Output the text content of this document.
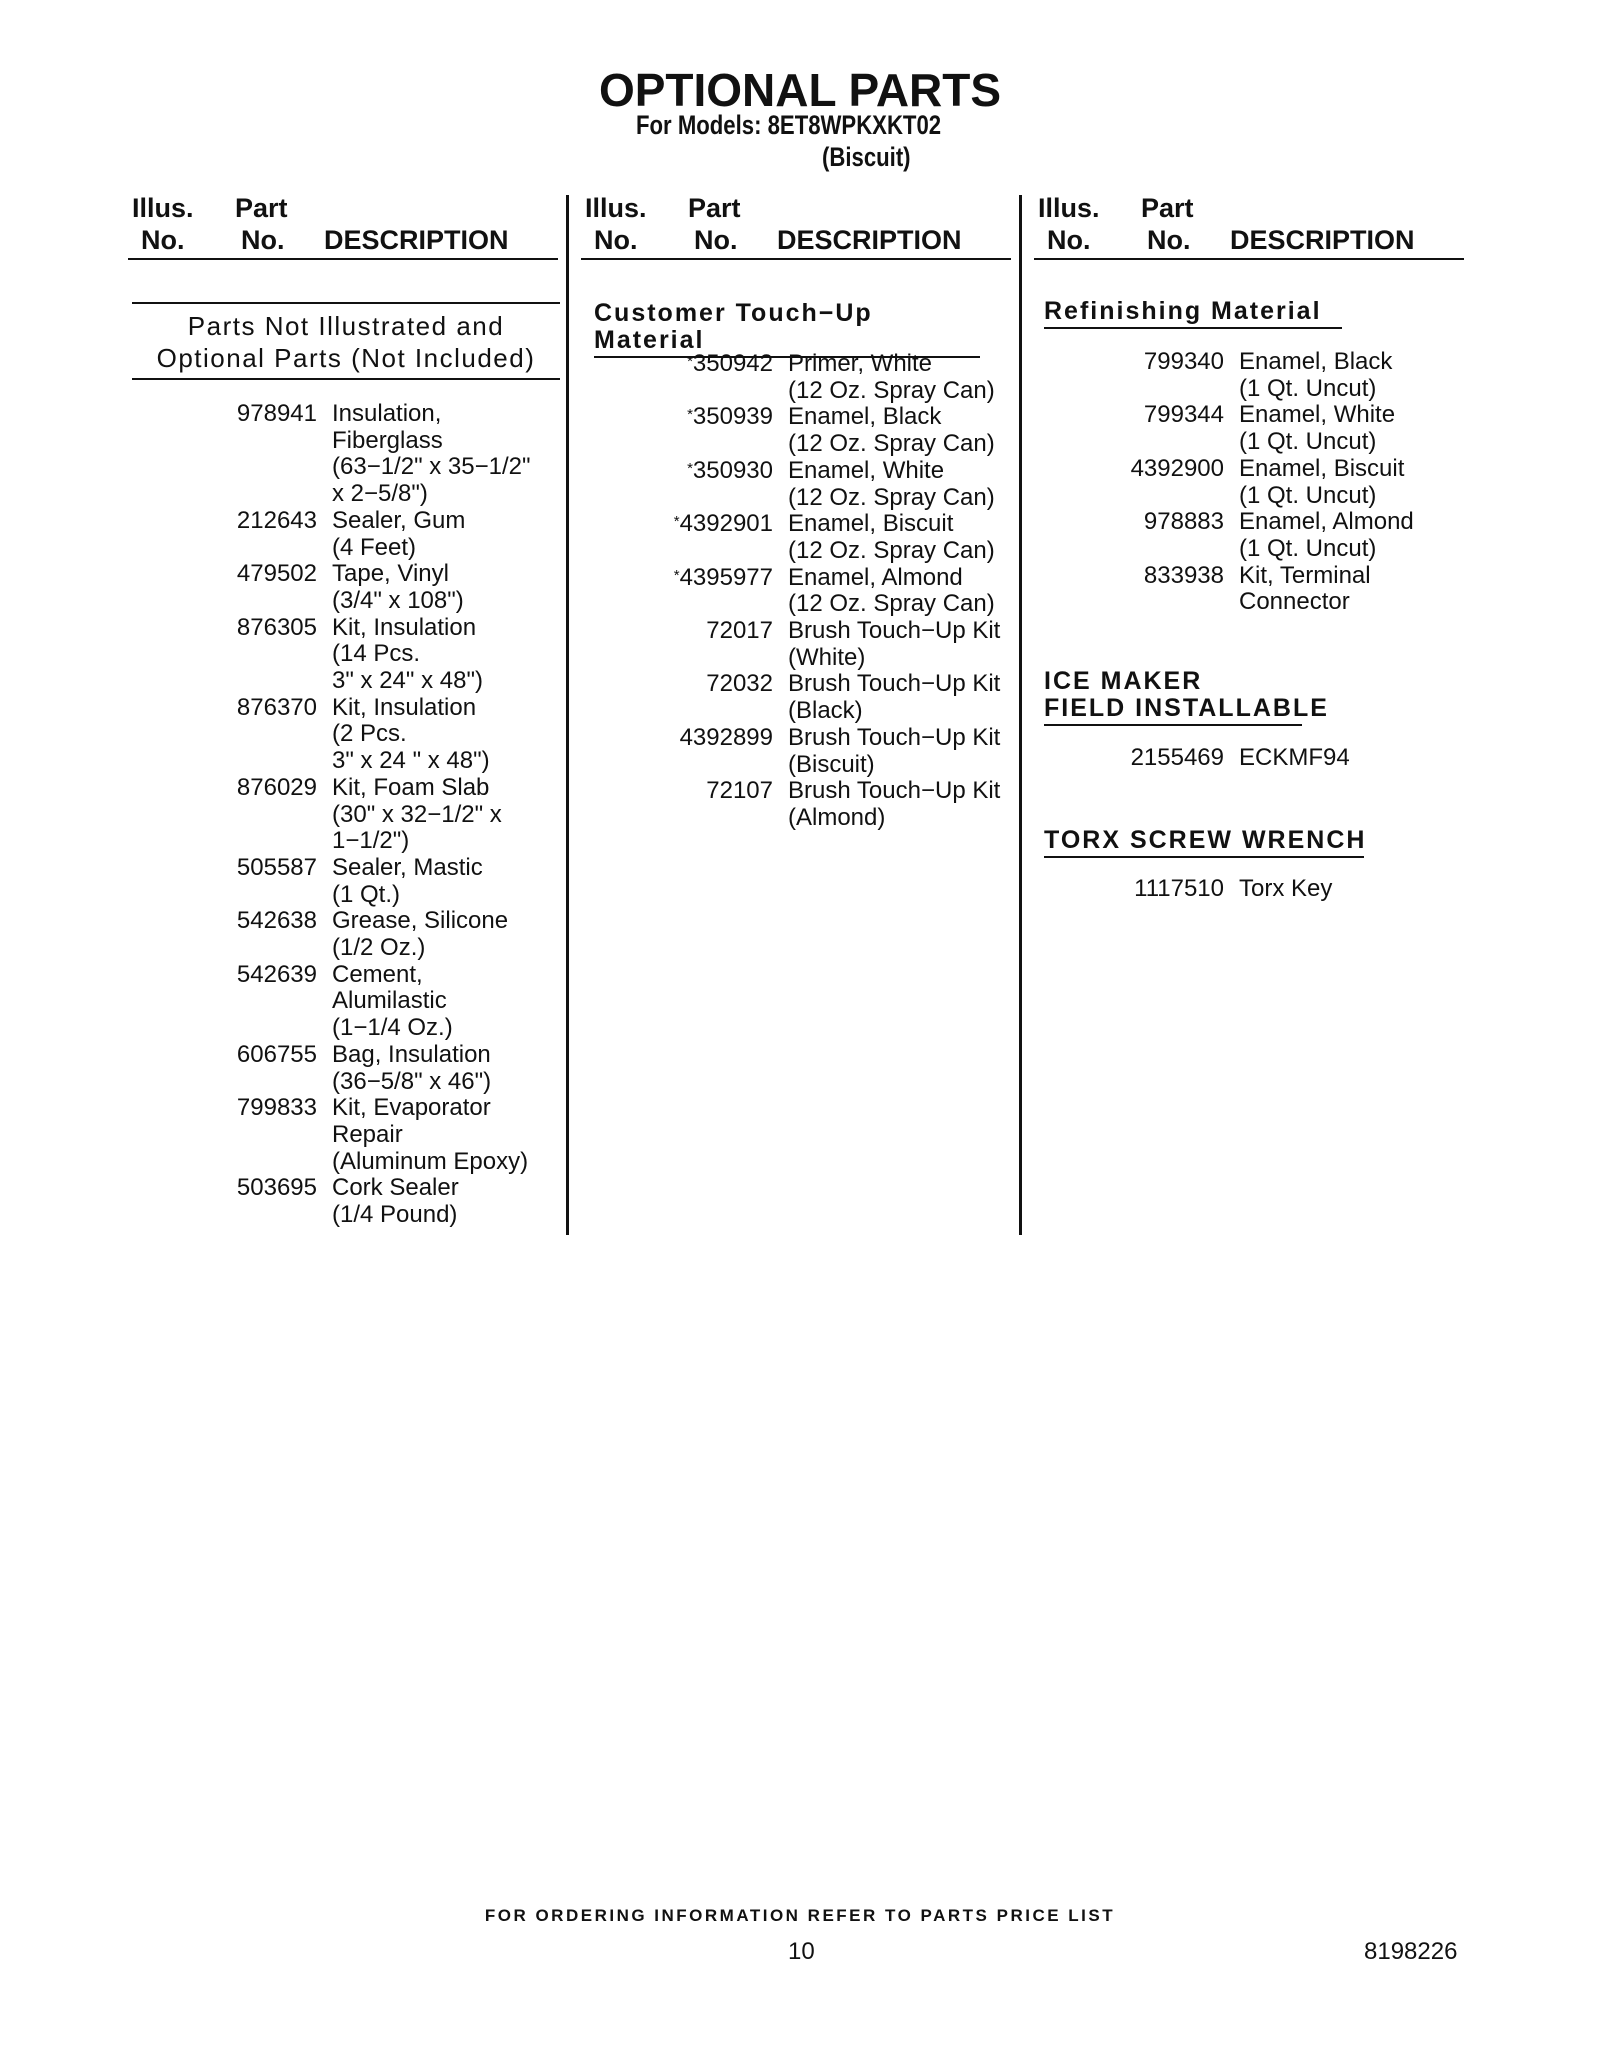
OPTIONAL PARTS
For Models: 8ET8WPKXKT02
(Biscuit)
Illus.
No.
Part
No. DESCRIPTION
Illus.
No.
Part
No. DESCRIPTION
Illus.
No.
Part
No. DESCRIPTION
Parts Not Illustrated and
Optional Parts (Not Included)
978941 Insulation,
Fiberglass
(63−1/2" x 35−1/2"
x 2−5/8")
212643 Sealer, Gum
(4 Feet)
479502 Tape, Vinyl
(3/4" x 108")
876305 Kit, Insulation
(14 Pcs.
3" x 24" x 48")
876370 Kit, Insulation
(2 Pcs.
3" x 24 " x 48")
876029 Kit, Foam Slab
(30" x 32−1/2" x
1−1/2")
505587 Sealer, Mastic
(1 Qt.)
542638 Grease, Silicone
(1/2 Oz.)
542639 Cement,
Alumilastic
(1−1/4 Oz.)
606755 Bag, Insulation
(36−5/8" x 46")
799833 Kit, Evaporator
Repair
(Aluminum Epoxy)
503695 Cork Sealer
(1/4 Pound)
Customer Touch−Up Material
*350942 Primer, White
(12 Oz. Spray Can)
*350939 Enamel, Black
(12 Oz. Spray Can)
*350930 Enamel, White
(12 Oz. Spray Can)
*4392901 Enamel, Biscuit
(12 Oz. Spray Can)
*4395977 Enamel, Almond
(12 Oz. Spray Can)
72017 Brush Touch−Up Kit
(White)
72032 Brush Touch−Up Kit
(Black)
4392899 Brush Touch−Up Kit
(Biscuit)
72107 Brush Touch−Up Kit
(Almond)
Refinishing Material
799340 Enamel, Black
(1 Qt. Uncut)
799344 Enamel, White
(1 Qt. Uncut)
4392900 Enamel, Biscuit
(1 Qt. Uncut)
978883 Enamel, Almond
(1 Qt. Uncut)
833938 Kit, Terminal
Connector
ICE MAKER
FIELD INSTALLABLE
2155469 ECKMF94
TORX SCREW WRENCH
1117510 Torx Key
FOR ORDERING INFORMATION REFER TO PARTS PRICE LIST
10	8198226
